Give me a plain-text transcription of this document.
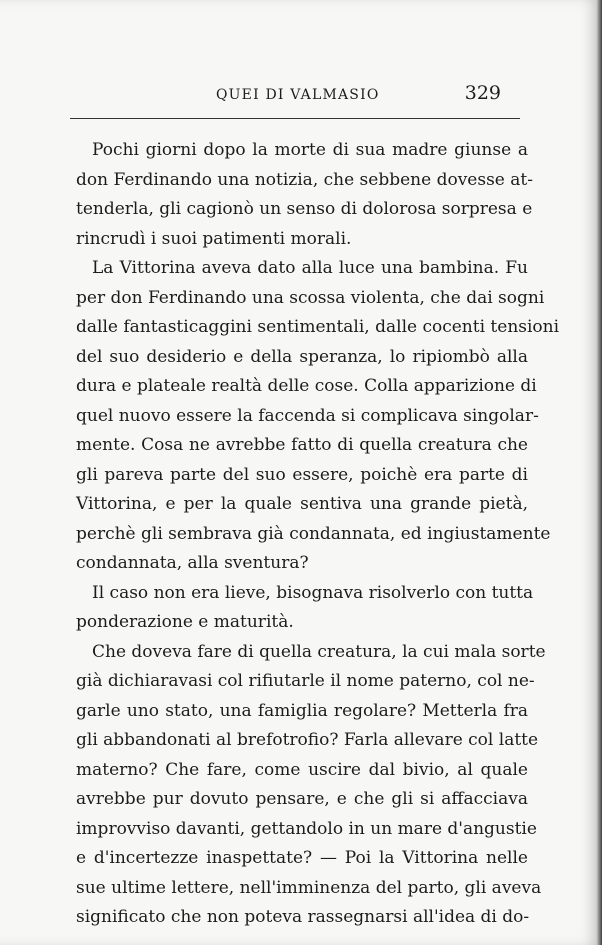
QUEI DI VALMASIO	329
Pochi giorni dopo la morte di sua madre giunse a
don Ferdinando una notizia, che sebbene dovesse at-
tenderla, gli cagionò un senso di dolorosa sorpresa e
rincrudì i suoi patimenti morali.
La Vittorina aveva dato alla luce una bambina. Fu
per don Ferdinando una scossa violenta, che dai sogni
dalle fantasticaggini sentimentali, dalle cocenti tensioni
del suo desiderio e della speranza, lo ripiombò alla
dura e plateale realtà delle cose. Colla apparizione di
quel nuovo essere la faccenda si complicava singolar-
mente. Cosa ne avrebbe fatto di quella creatura che
gli pareva parte del suo essere, poichè era parte di
Vittorina, e per la quale sentiva una grande pietà,
perchè gli sembrava già condannata, ed ingiustamente
condannata, alla sventura?
Il caso non era lieve, bisognava risolverlo con tutta
ponderazione e maturità.
Che doveva fare di quella creatura, la cui mala sorte
già dichiaravasi col rifiutarle il nome paterno, col ne-
garle uno stato, una famiglia regolare? Metterla fra
gli abbandonati al brefotrofio? Farla allevare col latte
materno? Che fare, come uscire dal bivio, al quale
avrebbe pur dovuto pensare, e che gli si affacciava
improvviso davanti, gettandolo in un mare d'angustie
e d'incertezze inaspettate? — Poi la Vittorina nelle
sue ultime lettere, nell'imminenza del parto, gli aveva
significato che non poteva rassegnarsi all'idea di do-
